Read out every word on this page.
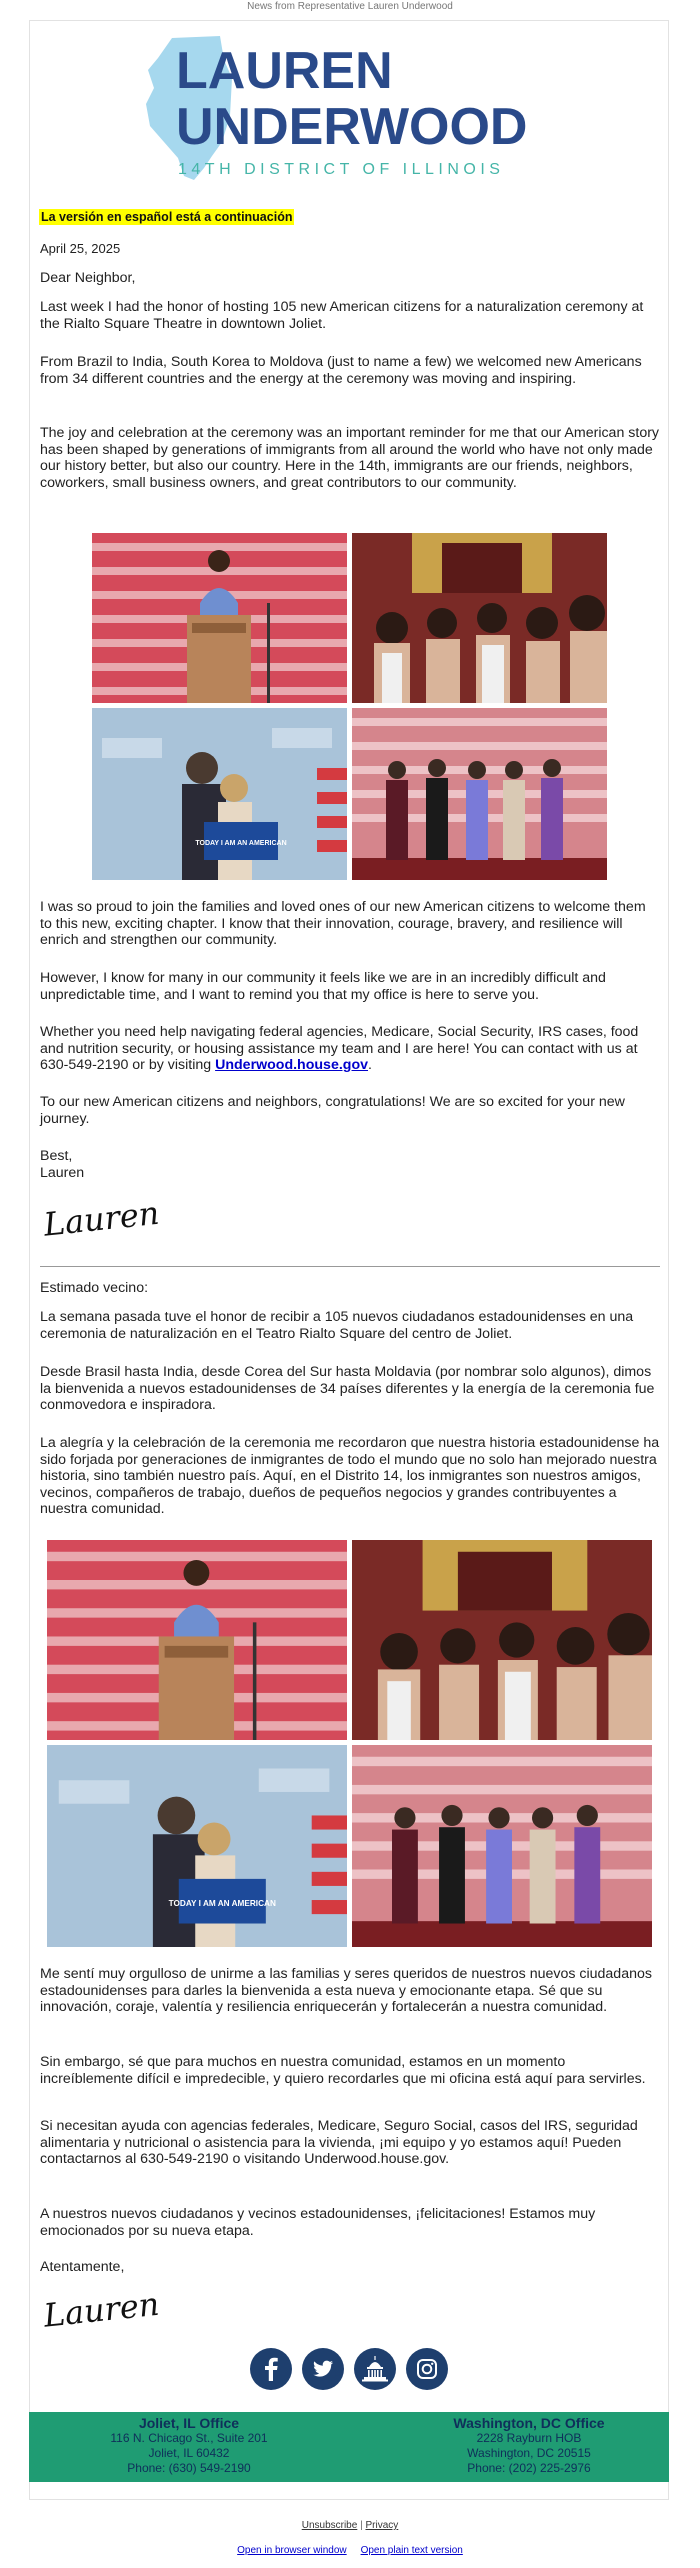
News from Representative Lauren Underwood
LAUREN
UNDERWOOD
14TH DISTRICT OF ILLINOIS
La versión en español está a continuación

April 25, 2025

Dear Neighbor,

Last week I had the honor of hosting 105 new American citizens for a naturalization ceremony at the Rialto Square Theatre in downtown Joliet.

From Brazil to India, South Korea to Moldova (just to name a few) we welcomed new Americans from 34 different countries and the energy at the ceremony was moving and inspiring.

The joy and celebration at the ceremony was an important reminder for me that our American story has been shaped by generations of immigrants from all around the world who have not only made our history better, but also our country. Here in the 14th, immigrants are our friends, neighbors, coworkers, small business owners, and great contributors to our community.

TODAY I AM AN AMERICAN

I was so proud to join the families and loved ones of our new American citizens to welcome them to this new, exciting chapter. I know that their innovation, courage, bravery, and resilience will enrich and strengthen our community.

However, I know for many in our community it feels like we are in an incredibly difficult and unpredictable time, and I want to remind you that my office is here to serve you.

Whether you need help navigating federal agencies, Medicare, Social Security, IRS cases, food and nutrition security, or housing assistance my team and I are here! You can contact with us at 630-549-2190 or by visiting Underwood.house.gov.

To our new American citizens and neighbors, congratulations! We are so excited for your new journey.

Best,

Lauren

Lauren

Estimado vecino:

La semana pasada tuve el honor de recibir a 105 nuevos ciudadanos estadounidenses en una ceremonia de naturalización en el Teatro Rialto Square del centro de Joliet.

Desde Brasil hasta India, desde Corea del Sur hasta Moldavia (por nombrar solo algunos), dimos la bienvenida a nuevos estadounidenses de 34 países diferentes y la energía de la ceremonia fue conmovedora e inspiradora.

La alegría y la celebración de la ceremonia me recordaron que nuestra historia estadounidense ha sido forjada por generaciones de inmigrantes de todo el mundo que no solo han mejorado nuestra historia, sino también nuestro país. Aquí, en el Distrito 14, los inmigrantes son nuestros amigos, vecinos, compañeros de trabajo, dueños de pequeños negocios y grandes contribuyentes a nuestra comunidad.

TODAY I AM AN AMERICAN

Me sentí muy orgulloso de unirme a las familias y seres queridos de nuestros nuevos ciudadanos estadounidenses para darles la bienvenida a esta nueva y emocionante etapa. Sé que su innovación, coraje, valentía y resiliencia enriquecerán y fortalecerán a nuestra comunidad.

Sin embargo, sé que para muchos en nuestra comunidad, estamos en un momento increíblemente difícil e impredecible, y quiero recordarles que mi oficina está aquí para servirles.

Si necesitan ayuda con agencias federales, Medicare, Seguro Social, casos del IRS, seguridad alimentaria y nutricional o asistencia para la vivienda, ¡mi equipo y yo estamos aquí! Pueden contactarnos al 630-549-2190 o visitando Underwood.house.gov.

A nuestros nuevos ciudadanos y vecinos estadounidenses, ¡felicitaciones! Estamos muy emocionados por su nueva etapa.

Atentamente,

Lauren
Joliet, IL Office
116 N. Chicago St., Suite 201
Joliet, IL 60432
Phone: (630) 549-2190
Washington, DC Office
2228 Rayburn HOB
Washington, DC 20515
Phone: (202) 225-2976
Unsubscribe | Privacy
Open in browser window Open plain text version
